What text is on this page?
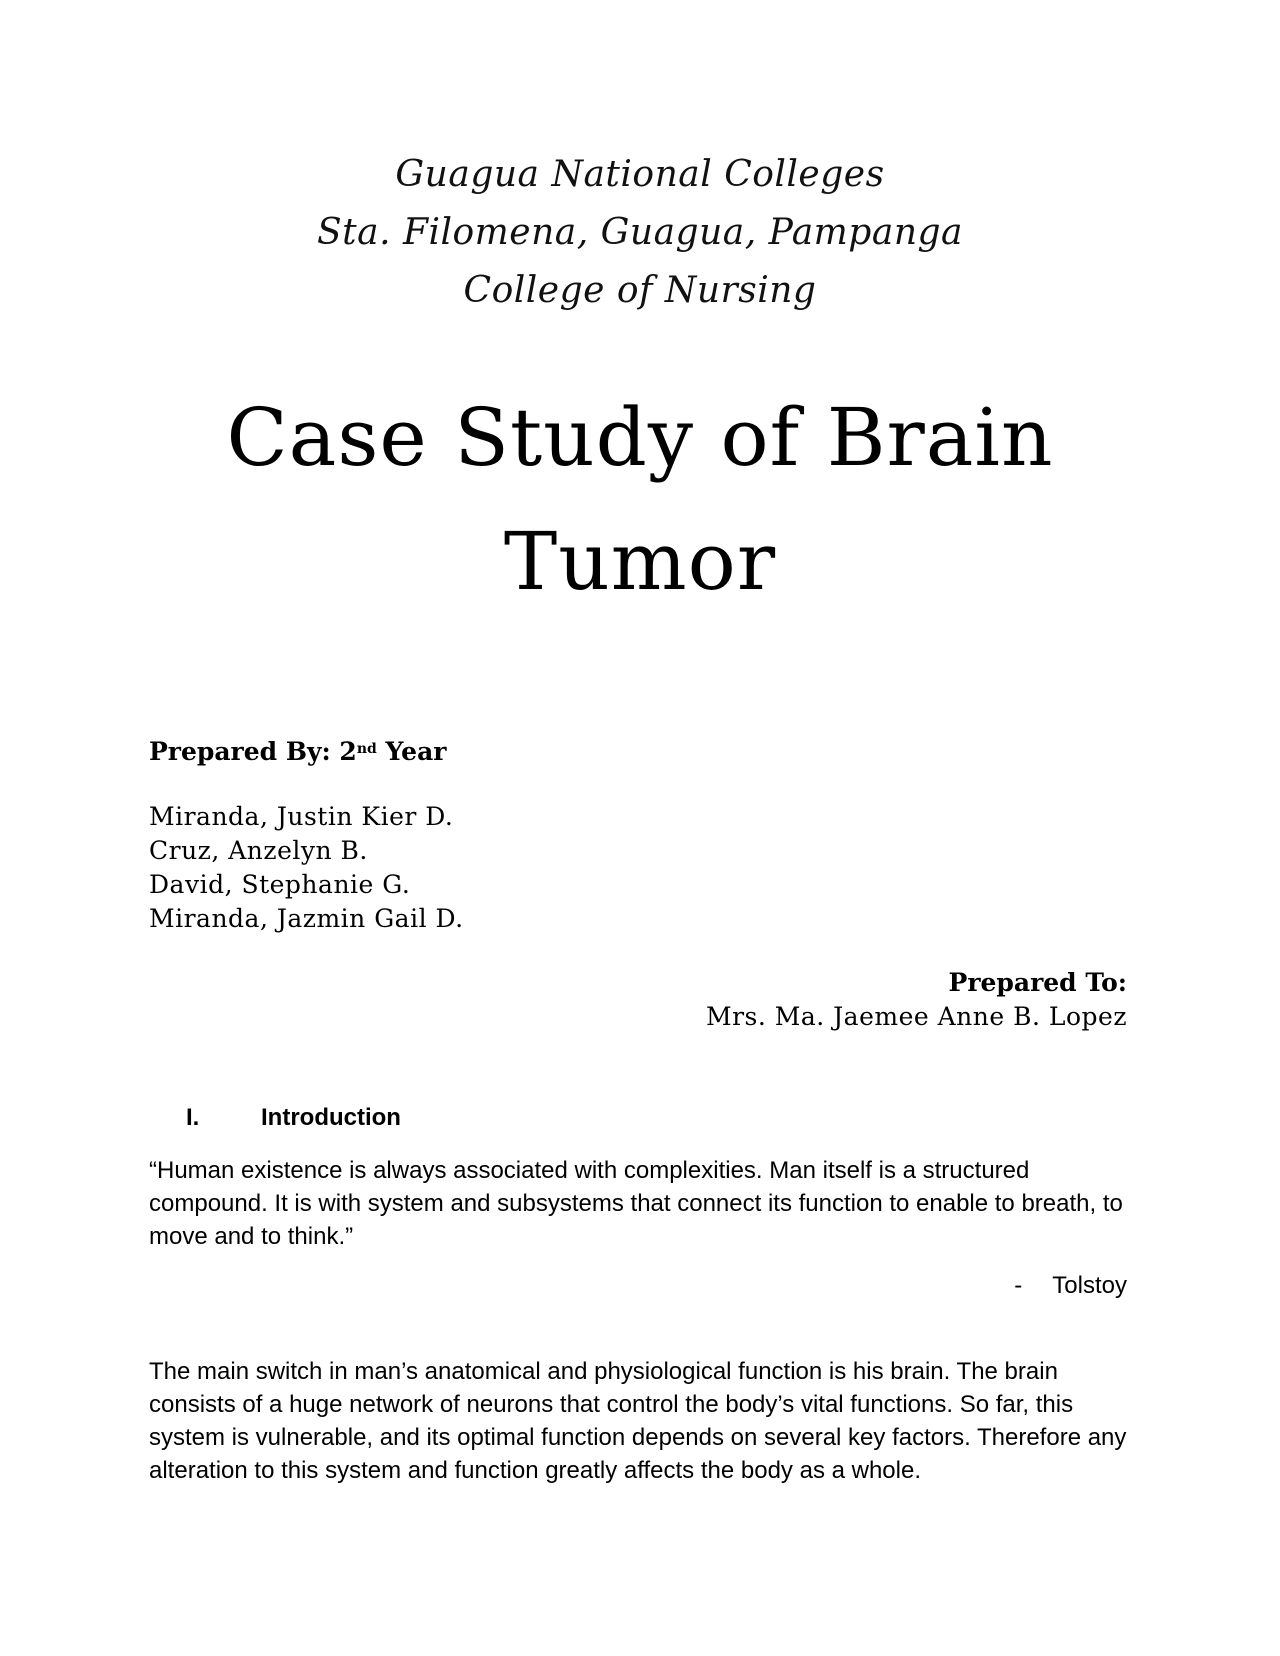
Guagua National Colleges
Sta. Filomena, Guagua, Pampanga
College of Nursing
Case Study of Brain
Tumor
Prepared By: 2nd Year
Miranda, Justin Kier D.
Cruz, Anzelyn B.
David, Stephanie G.
Miranda, Jazmin Gail D.
Prepared To:
Mrs. Ma. Jaemee Anne B. Lopez
I.	Introduction
“Human existence is always associated with complexities. Man itself is a structured compound. It is with system and subsystems that connect its function to enable to breath, to move and to think.”
- Tolstoy
The main switch in man’s anatomical and physiological function is his brain. The brain consists of a huge network of neurons that control the body’s vital functions. So far, this system is vulnerable, and its optimal function depends on several key factors. Therefore any alteration to this system and function greatly affects the body as a whole.
